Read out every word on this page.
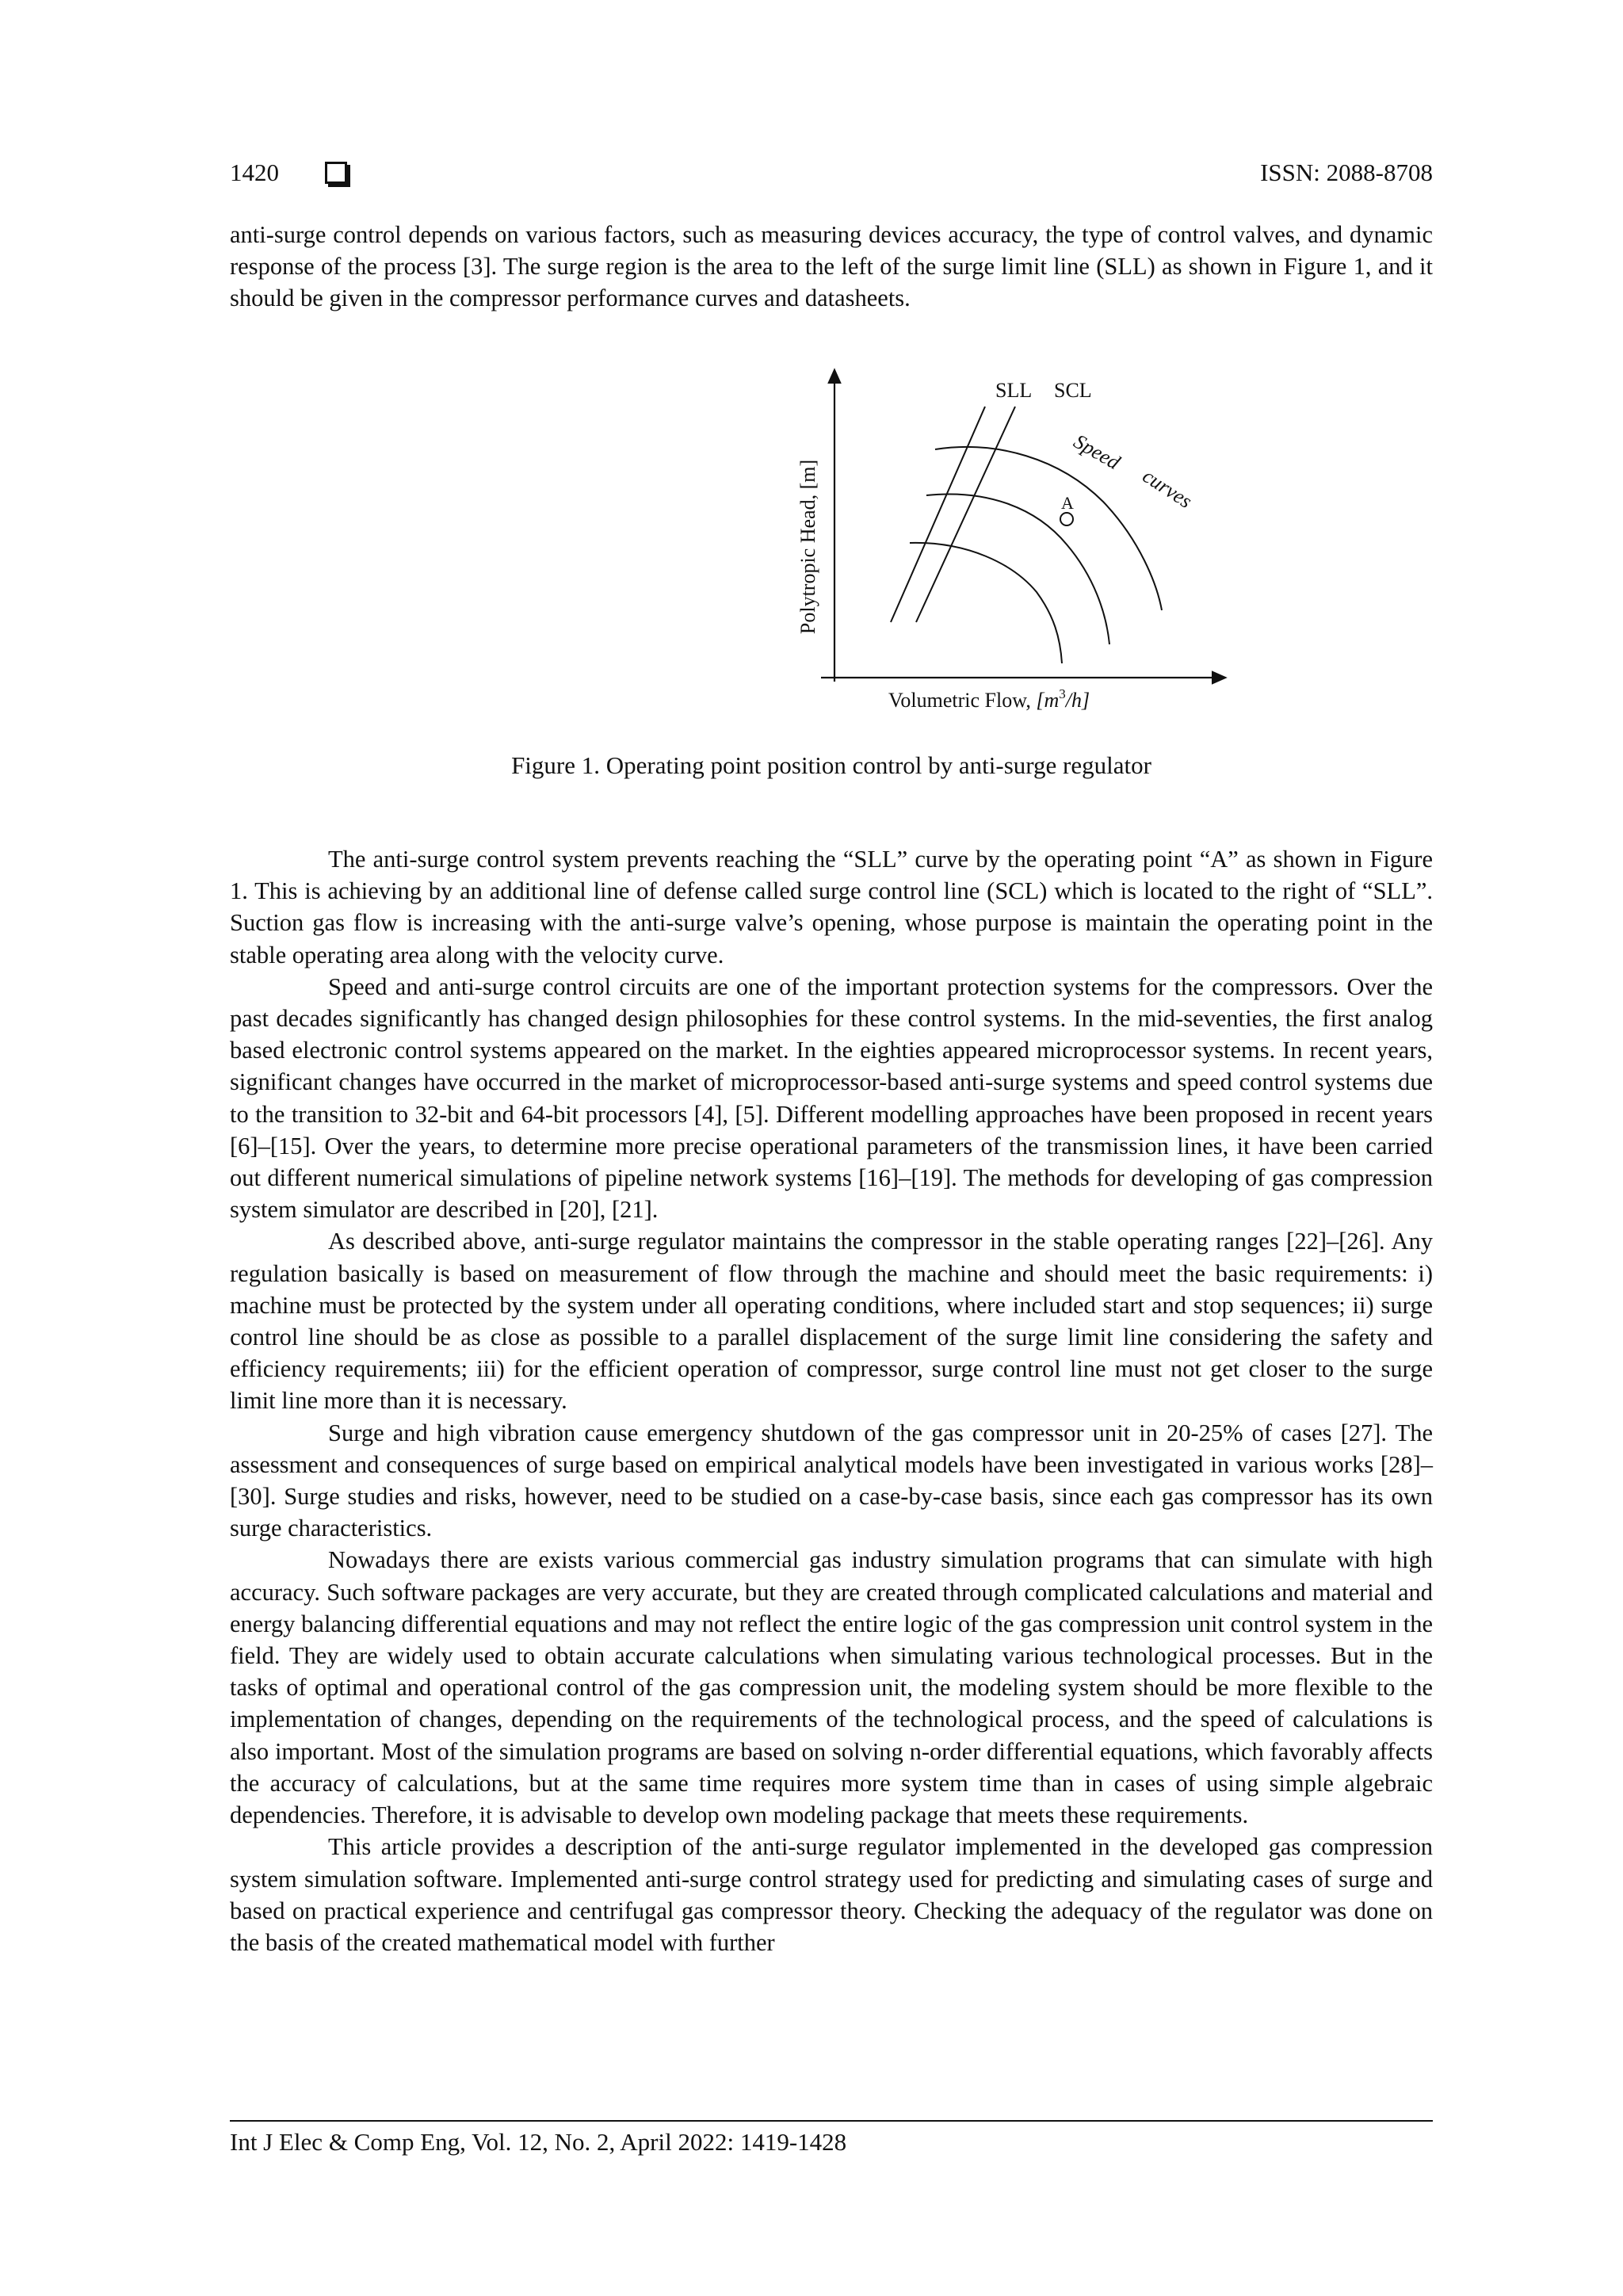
1420	ISSN: 2088-8708

anti-surge control depends on various factors, such as measuring devices accuracy, the type of control valves, and dynamic response of the process [3]. The surge region is the area to the left of the surge limit line (SLL) as shown in Figure 1, and it should be given in the compressor performance curves and datasheets.

A
SLL SCL
Speed
curves
Polytropic Head, [m]
Volumetric Flow, $[m^3/h]$
Figure 1. Operating point position control by anti-surge regulator

The anti-surge control system prevents reaching the “SLL” curve by the operating point “A” as shown in Figure 1. This is achieving by an additional line of defense called surge control line (SCL) which is located to the right of “SLL”. Suction gas flow is increasing with the anti-surge valve’s opening, whose purpose is maintain the operating point in the stable operating area along with the velocity curve.

Speed and anti-surge control circuits are one of the important protection systems for the compressors. Over the past decades significantly has changed design philosophies for these control systems. In the mid-seventies, the first analog based electronic control systems appeared on the market. In the eighties appeared microprocessor systems. In recent years, significant changes have occurred in the market of microprocessor-based anti-surge systems and speed control systems due to the transition to 32-bit and 64-bit processors [4], [5]. Different modelling approaches have been proposed in recent years [6]–[15]. Over the years, to determine more precise operational parameters of the transmission lines, it have been carried out different numerical simulations of pipeline network systems [16]–[19]. The methods for developing of gas compression system simulator are described in [20], [21].

As described above, anti-surge regulator maintains the compressor in the stable operating ranges [22]–[26]. Any regulation basically is based on measurement of flow through the machine and should meet the basic requirements: i) machine must be protected by the system under all operating conditions, where included start and stop sequences; ii) surge control line should be as close as possible to a parallel displacement of the surge limit line considering the safety and efficiency requirements; iii) for the efficient operation of compressor, surge control line must not get closer to the surge limit line more than it is necessary.

Surge and high vibration cause emergency shutdown of the gas compressor unit in 20-25% of cases [27]. The assessment and consequences of surge based on empirical analytical models have been investigated in various works [28]–[30]. Surge studies and risks, however, need to be studied on a case-by-case basis, since each gas compressor has its own surge characteristics.

Nowadays there are exists various commercial gas industry simulation programs that can simulate with high accuracy. Such software packages are very accurate, but they are created through complicated calculations and material and energy balancing differential equations and may not reflect the entire logic of the gas compression unit control system in the field. They are widely used to obtain accurate calculations when simulating various technological processes. But in the tasks of optimal and operational control of the gas compression unit, the modeling system should be more flexible to the implementation of changes, depending on the requirements of the technological process, and the speed of calculations is also important. Most of the simulation programs are based on solving n-order differential equations, which favorably affects the accuracy of calculations, but at the same time requires more system time than in cases of using simple algebraic dependencies. Therefore, it is advisable to develop own modeling package that meets these requirements.

This article provides a description of the anti-surge regulator implemented in the developed gas compression system simulation software. Implemented anti-surge control strategy used for predicting and simulating cases of surge and based on practical experience and centrifugal gas compressor theory. Checking the adequacy of the regulator was done on the basis of the created mathematical model with further

Int J Elec & Comp Eng, Vol. 12, No. 2, April 2022: 1419-1428
